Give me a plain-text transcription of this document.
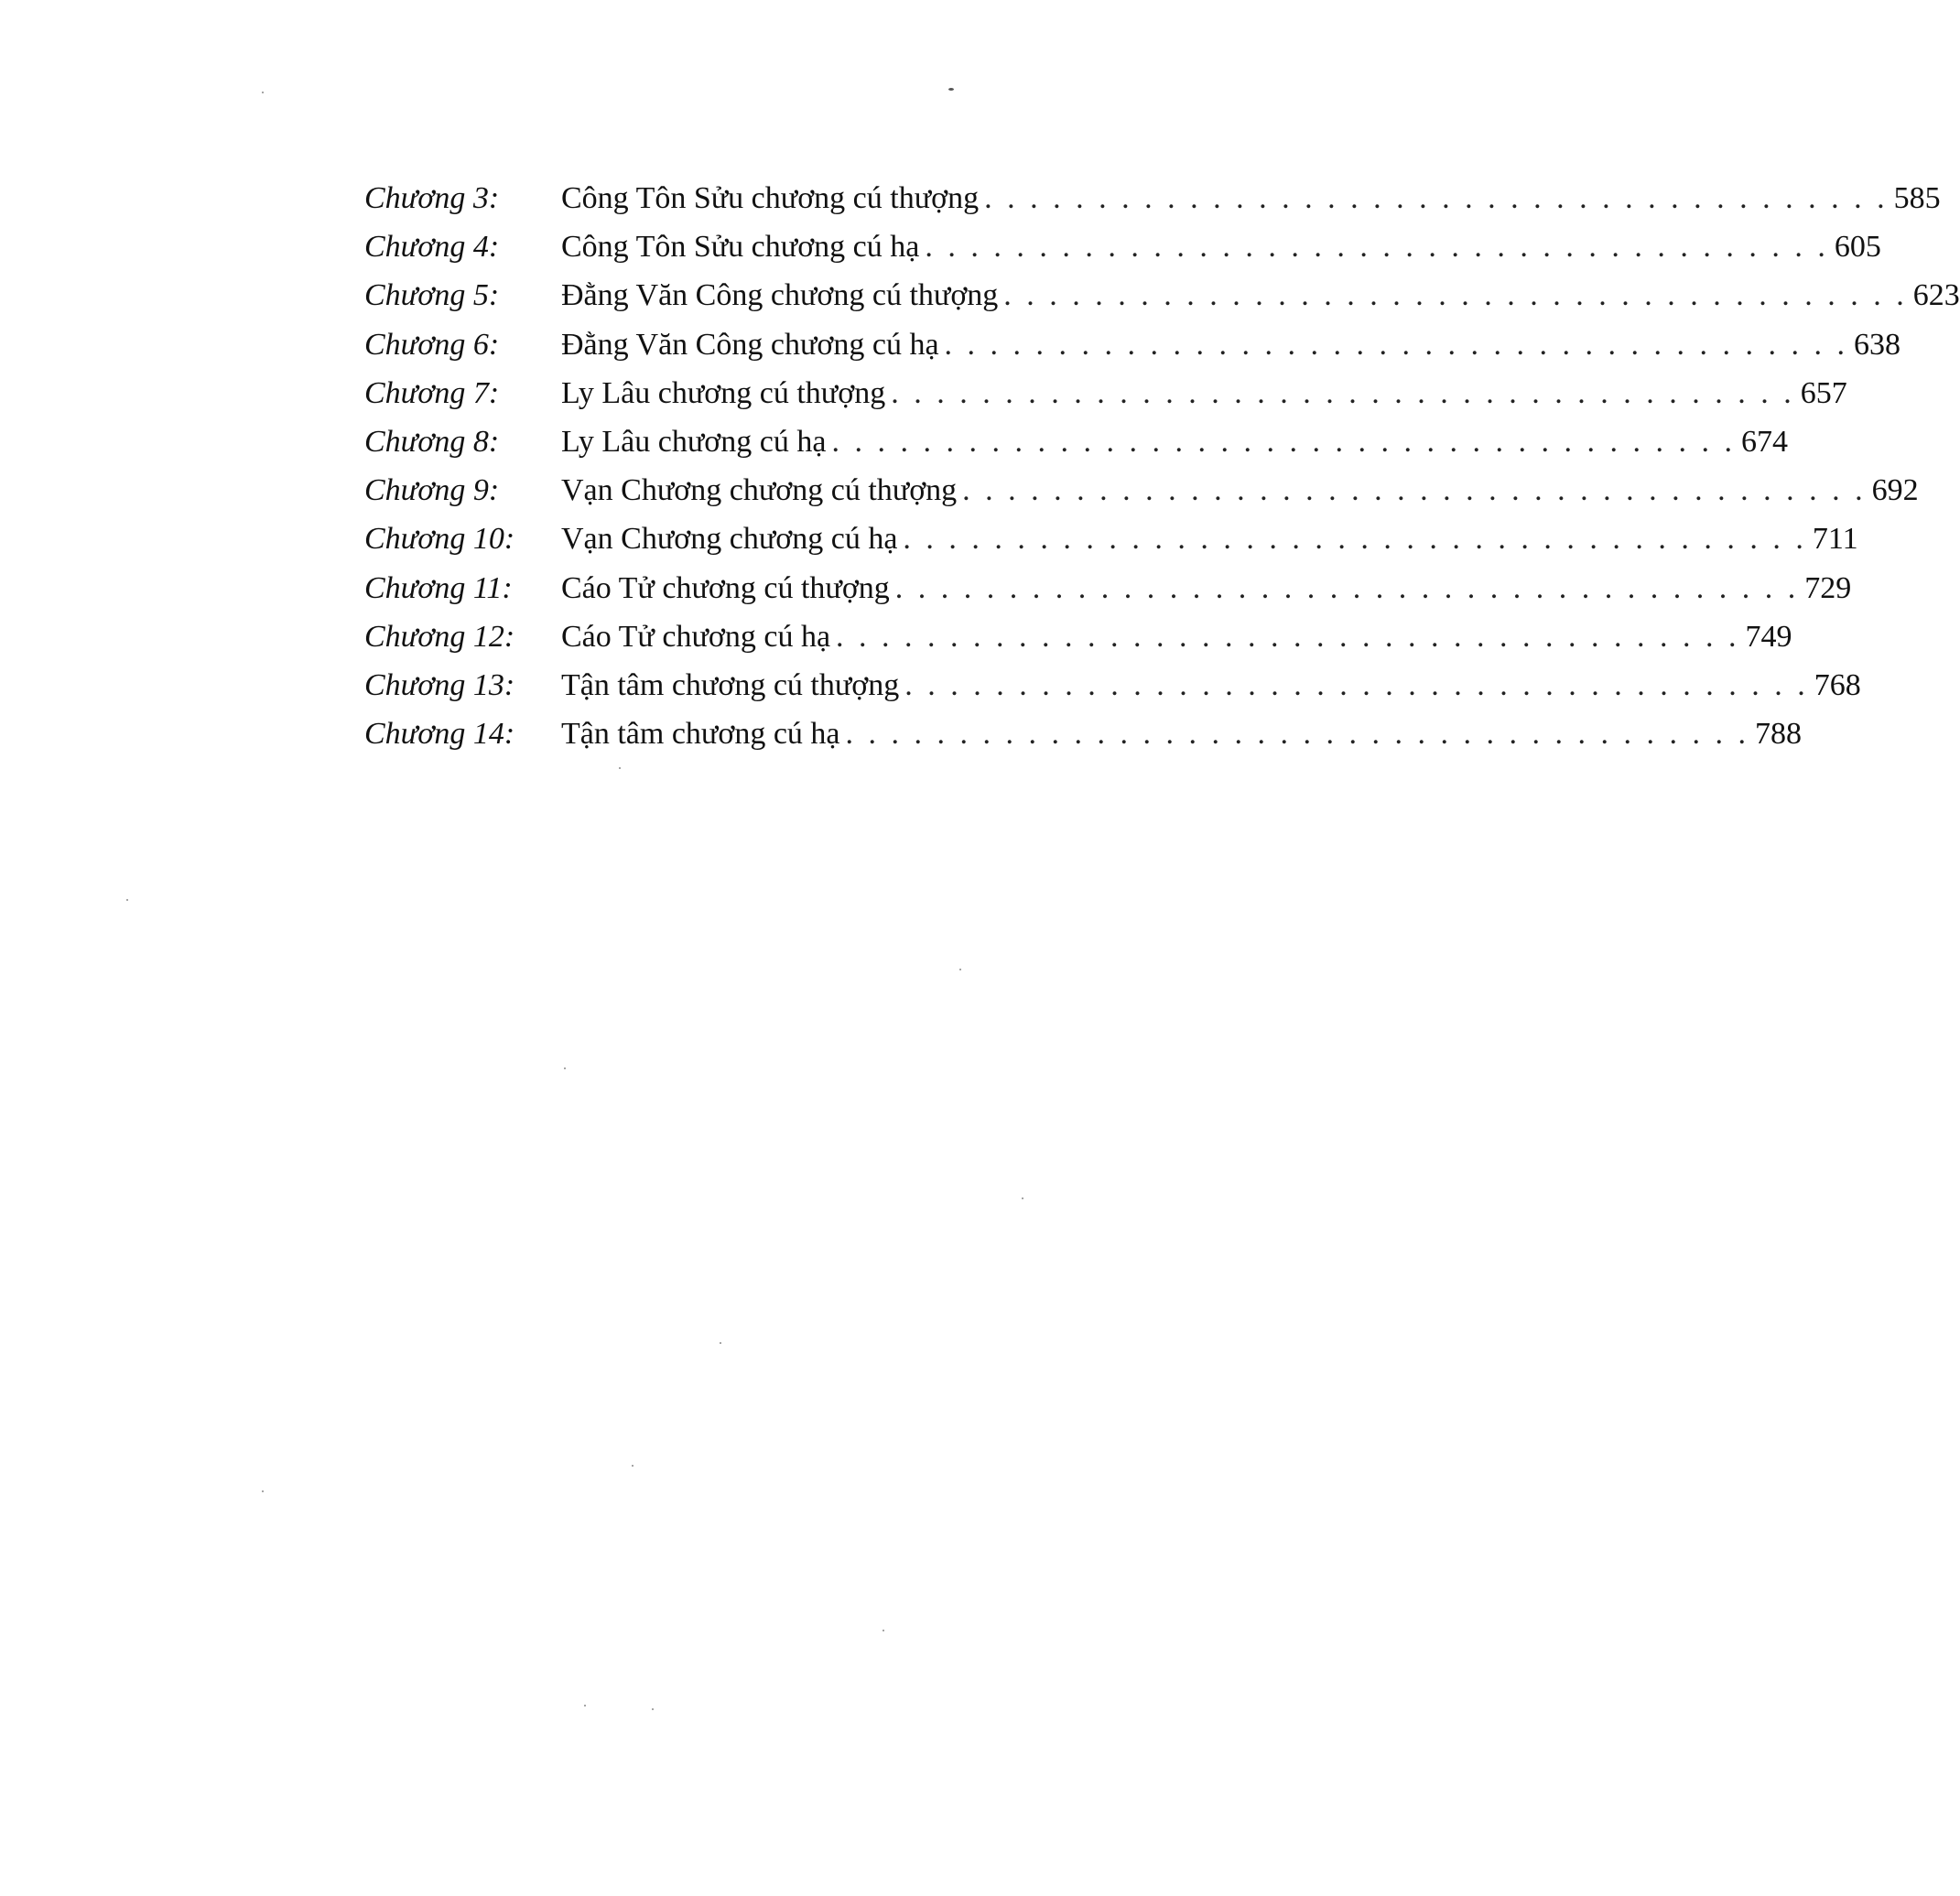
Chương 3:	Công Tôn Sửu chương cú thượng . . . . . . . . . . . . . . . . . . . . . . . . . . . . . . . . . . . . . . . . 585
Chương 4:	Công Tôn Sửu chương cú hạ . . . . . . . . . . . . . . . . . . . . . . . . . . . . . . . . . . . . . . . . 605
Chương 5:	Đằng Văn Công chương cú thượng . . . . . . . . . . . . . . . . . . . . . . . . . . . . . . . . . . . . . . . . 623
Chương 6:	Đằng Văn Công chương cú hạ . . . . . . . . . . . . . . . . . . . . . . . . . . . . . . . . . . . . . . . . 638
Chương 7:	Ly Lâu chương cú thượng . . . . . . . . . . . . . . . . . . . . . . . . . . . . . . . . . . . . . . . . 657
Chương 8:	Ly Lâu chương cú hạ . . . . . . . . . . . . . . . . . . . . . . . . . . . . . . . . . . . . . . . . 674
Chương 9:	Vạn Chương chương cú thượng . . . . . . . . . . . . . . . . . . . . . . . . . . . . . . . . . . . . . . . . 692
Chương 10:	Vạn Chương chương cú hạ . . . . . . . . . . . . . . . . . . . . . . . . . . . . . . . . . . . . . . . . 711
Chương 11:	Cáo Tử chương cú thượng . . . . . . . . . . . . . . . . . . . . . . . . . . . . . . . . . . . . . . . . 729
Chương 12:	Cáo Tử chương cú hạ . . . . . . . . . . . . . . . . . . . . . . . . . . . . . . . . . . . . . . . . 749
Chương 13:	Tận tâm chương cú thượng . . . . . . . . . . . . . . . . . . . . . . . . . . . . . . . . . . . . . . . . 768
Chương 14:	Tận tâm chương cú hạ . . . . . . . . . . . . . . . . . . . . . . . . . . . . . . . . . . . . . . . . 788
